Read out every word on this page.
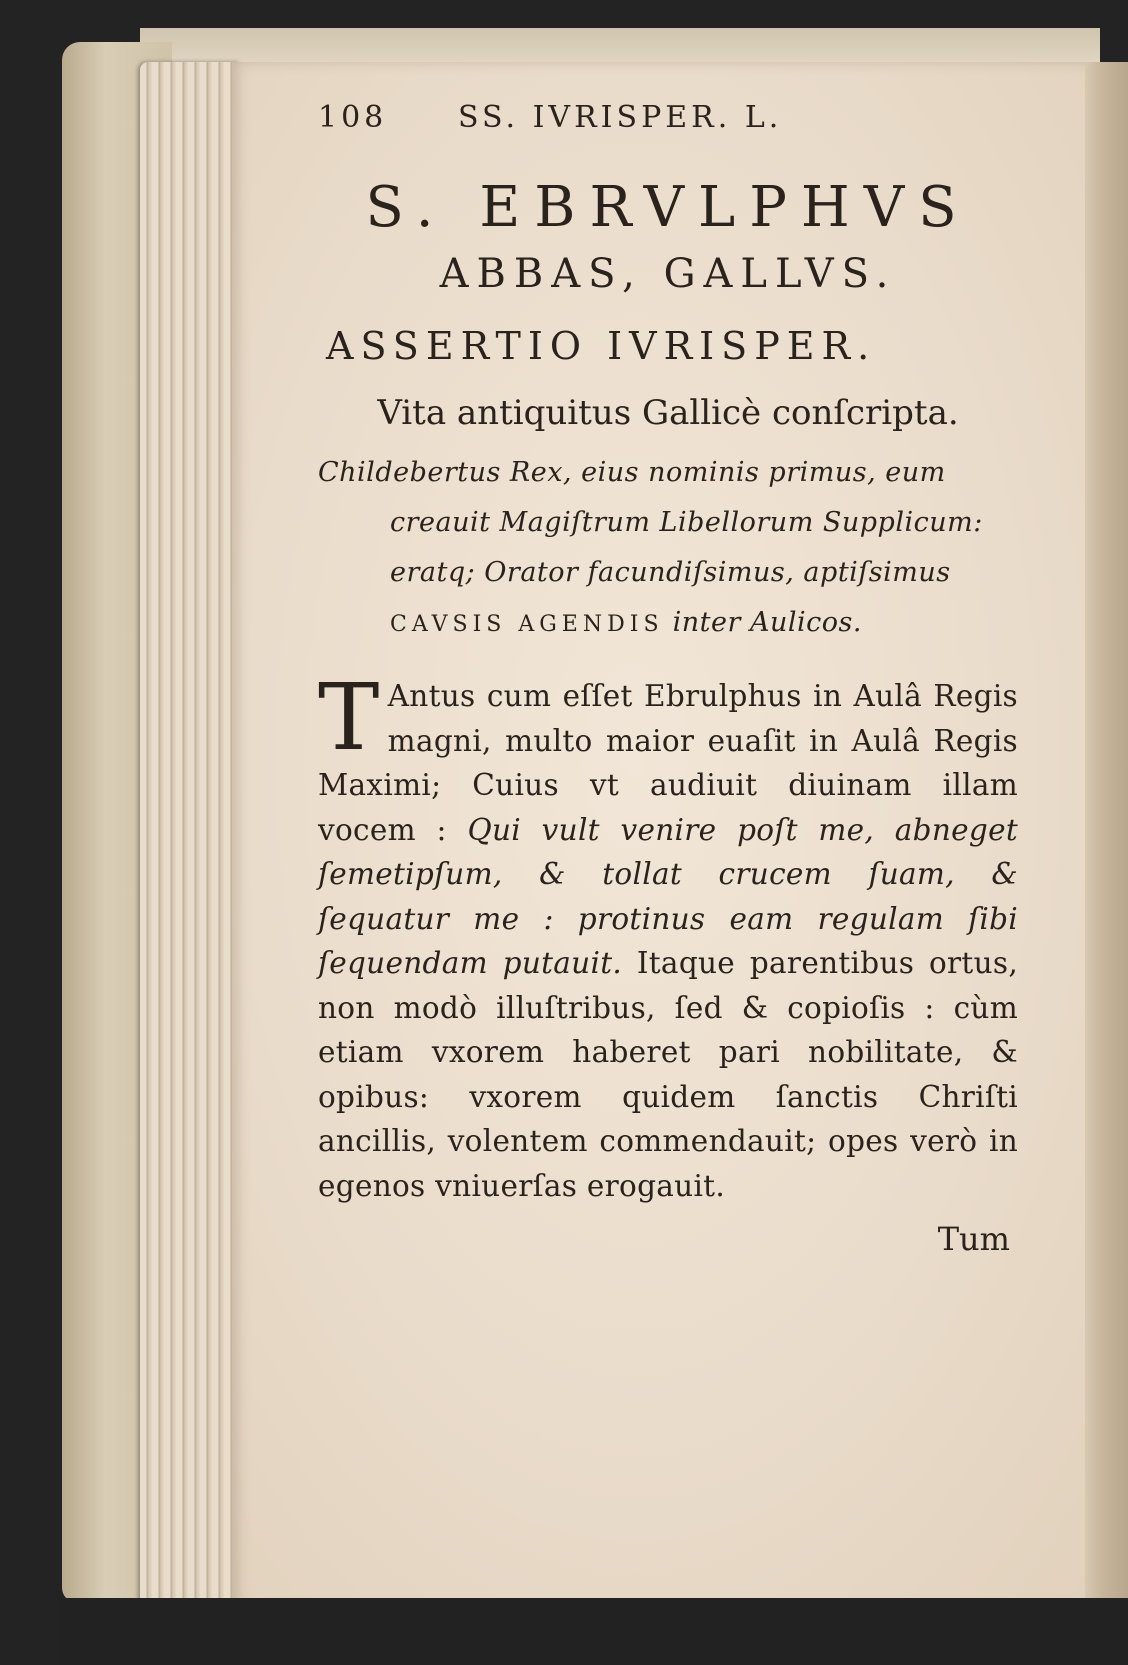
108	SS. IVRISPER. L.
S. EBRVLPHVS
ABBAS, GALLVS.
ASSERTIO IVRISPER.
Vita antiquitus Gallicè conſcripta.
Childebertus Rex, eius nominis primus, eum creauit Magiſtrum Libellorum Supplicum: eratq; Orator facundiſsimus, aptiſsimus CAVSIS AGENDIS inter Aulicos.
T Antus cum eſſet Ebrulphus in Aulâ Regis magni, multo maior euaſit in Aulâ Regis Maximi; Cuius vt audiuit diuinam illam vocem : Qui vult venire poſt me, abneget ſemetipſum, & tollat crucem ſuam, & ſequatur me : protinus eam regulam ſibi ſequendam putauit. Itaque parentibus ortus, non modò illuſtribus, ſed & copioſis : cùm etiam vxorem haberet pari nobilitate, & opibus: vxorem quidem ſanctis Chriſti ancillis, volentem commendauit; opes verò in egenos vniuerſas erogauit.
Tum
